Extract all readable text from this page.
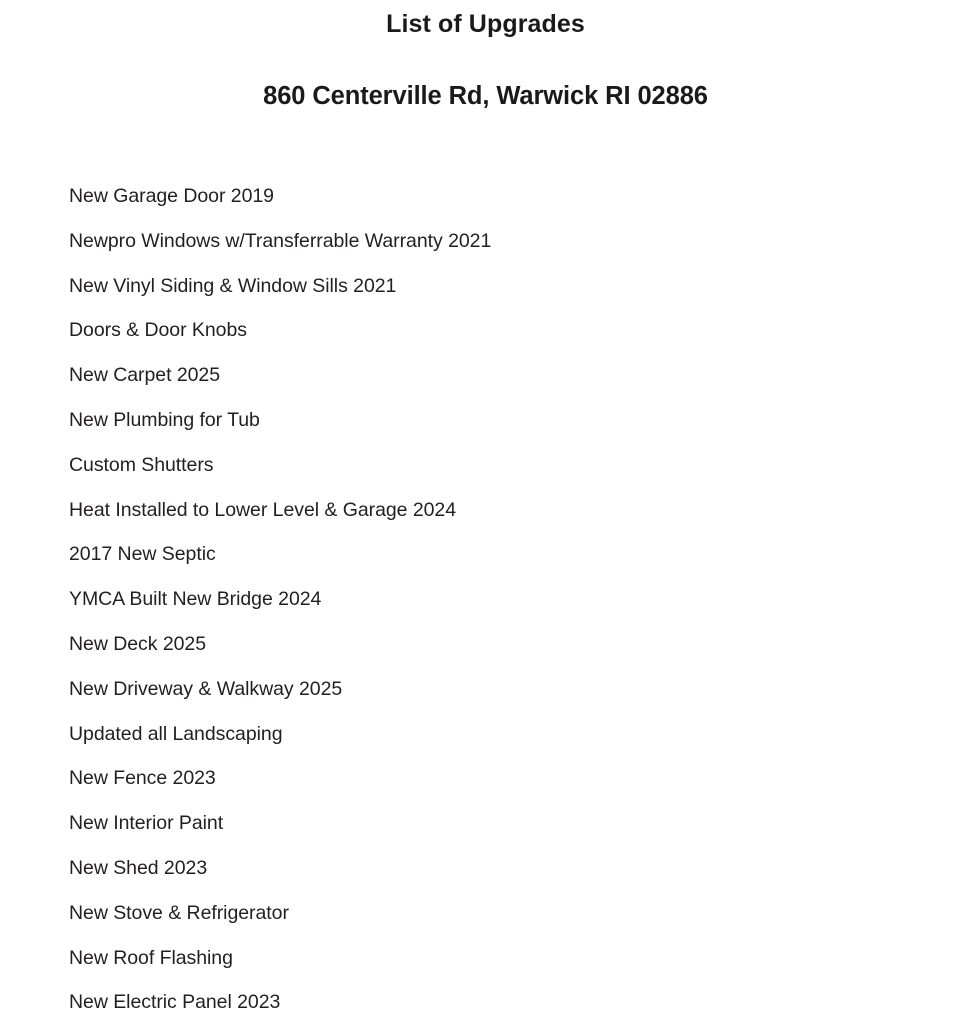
List of Upgrades
860 Centerville Rd, Warwick RI 02886
New Garage Door 2019
Newpro Windows w/Transferrable Warranty 2021
New Vinyl Siding & Window Sills 2021
Doors & Door Knobs
New Carpet 2025
New Plumbing for Tub
Custom Shutters
Heat Installed to Lower Level & Garage 2024
2017 New Septic
YMCA Built New Bridge 2024
New Deck 2025
New Driveway & Walkway 2025
Updated all Landscaping
New Fence 2023
New Interior Paint
New Shed 2023
New Stove & Refrigerator
New Roof Flashing
New Electric Panel 2023
